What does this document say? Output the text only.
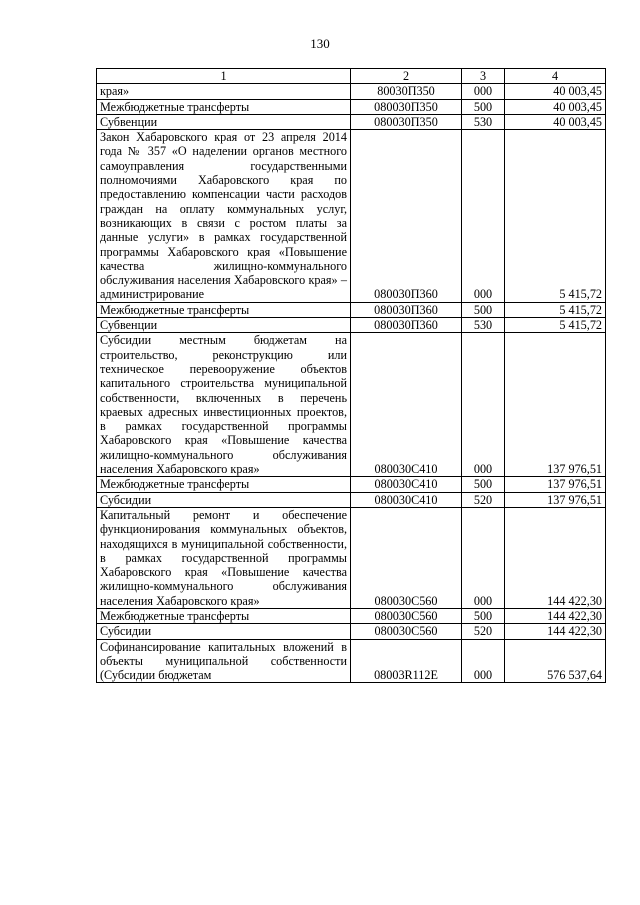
130
1	2	3	4
края»	80030П350	000	40 003,45
Межбюджетные трансферты	080030П350	500	40 003,45
Субвенции	080030П350	530	40 003,45
Закон Хабаровского края от 23 апреля 2014 года № 357 «О наделении органов местного самоуправления государственными полномочиями Хабаровского края по предоставлению компенсации части расходов граждан на оплату коммунальных услуг, возникающих в связи с ростом платы за данные услуги» в рамках государственной программы Хабаровского края «Повышение качества жилищно-коммунального обслуживания населения Хабаровского края» – администрирование	080030П360	000	5 415,72
Межбюджетные трансферты	080030П360	500	5 415,72
Субвенции	080030П360	530	5 415,72
Субсидии местным бюджетам на строительство, реконструкцию или техническое перевооружение объектов капитального строительства муниципальной собственности, включенных в перечень краевых адресных инвестиционных проектов, в рамках государственной программы Хабаровского края «Повышение качества жилищно-коммунального обслуживания населения Хабаровского края»	080030С410	000	137 976,51
Межбюджетные трансферты	080030С410	500	137 976,51
Субсидии	080030С410	520	137 976,51
Капитальный ремонт и обеспечение функционирования коммунальных объектов, находящихся в муниципальной собственности, в рамках государственной программы Хабаровского края «Повышение качества жилищно-коммунального обслуживания населения Хабаровского края»	080030С560	000	144 422,30
Межбюджетные трансферты	080030С560	500	144 422,30
Субсидии	080030С560	520	144 422,30
Софинансирование капитальных вложений в объекты муниципальной собственности (Субсидии бюджетам	08003R112E	000	576 537,64
